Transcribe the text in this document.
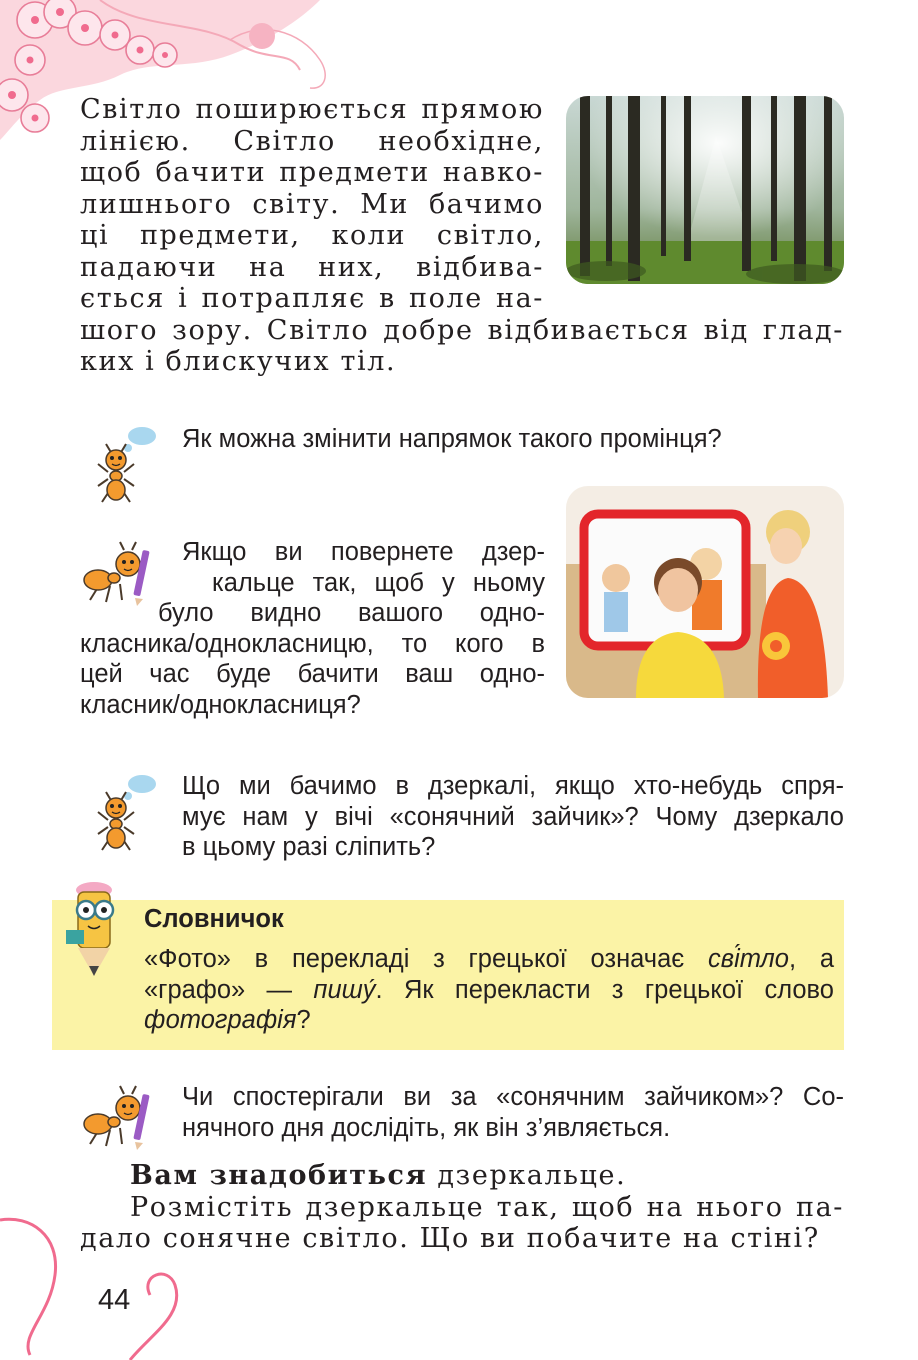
Світло поширюється прямою
лінією. Світло необхідне,
щоб бачити предмети навко-
лишнього світу. Ми бачимо
ці предмети, коли світло,
падаючи на них, відбива-
ється і потрапляє в поле на-
шого зору. Світло добре відбивається від глад-
ких і блискучих тіл.
Як можна змінити напрямок такого промінця?
Якщо ви повернете дзер-
кальце так, щоб у ньому
було видно вашого одно-
класника/однокласницю, то кого в
цей час буде бачити ваш одно-
класник/однокласниця?
Що ми бачимо в дзеркалі, якщо хто-небудь спря-
мує нам у вічі «сонячний зайчик»? Чому дзеркало
в цьому разі сліпить?
Словничок
«Фото» в перекладі з грецької означає сві́тло, а
«графо» — пишу́. Як перекласти з грецької слово
фотографія?
Чи спостерігали ви за «сонячним зайчиком»? Со-
нячного дня дослідіть, як він з’являється.
Вам знадобиться дзеркальце.
Розмістіть дзеркальце так, щоб на нього па-
дало сонячне світло. Що ви побачите на стіні?
44
